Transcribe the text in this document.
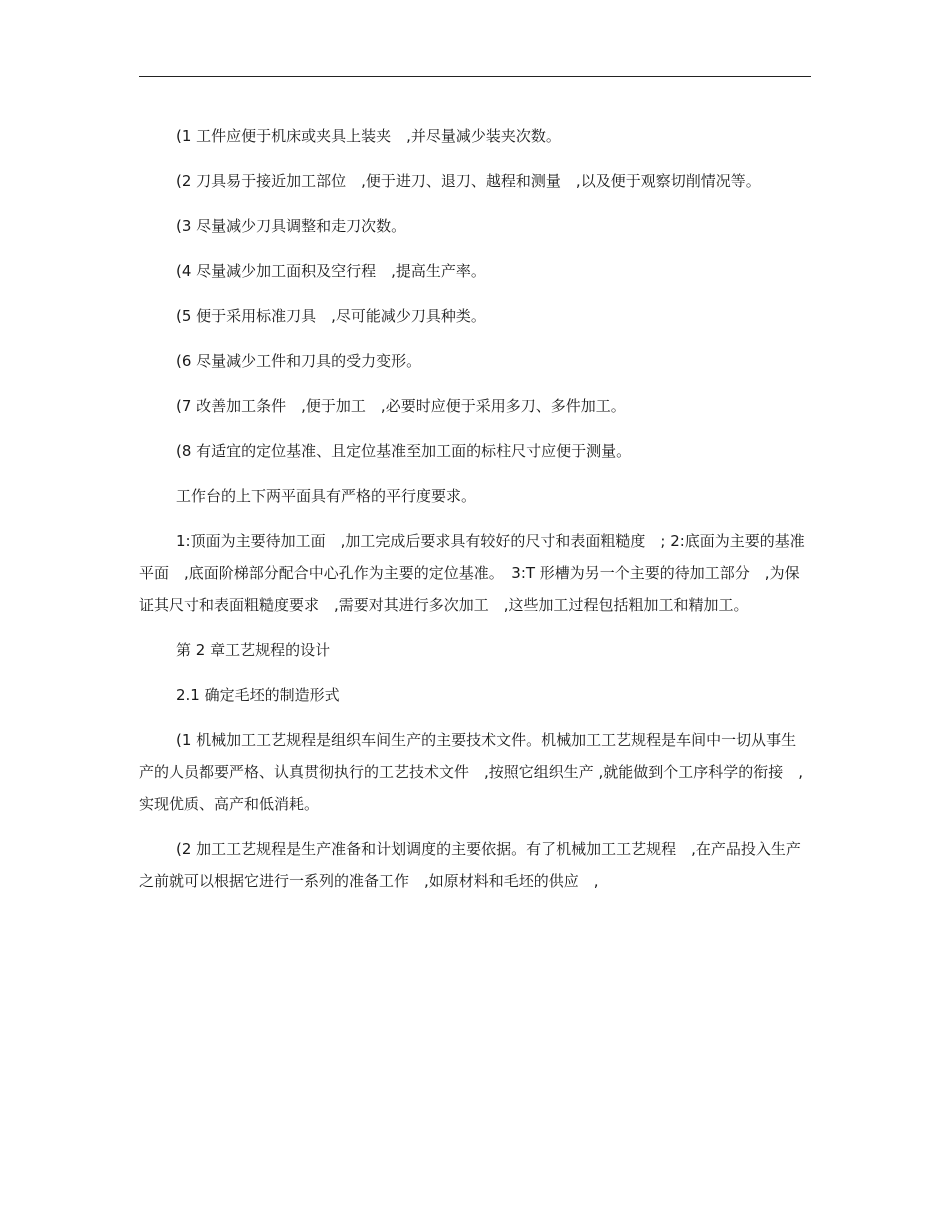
(1 工件应便于机床或夹具上装夹　,并尽量减少装夹次数。

(2 刀具易于接近加工部位　,便于进刀、退刀、越程和测量　,以及便于观察切削情况等。

(3 尽量减少刀具调整和走刀次数。

(4 尽量减少加工面积及空行程　,提高生产率。

(5 便于采用标准刀具　,尽可能减少刀具种类。

(6 尽量减少工件和刀具的受力变形。

(7 改善加工条件　,便于加工　,必要时应便于采用多刀、多件加工。

(8 有适宜的定位基准、且定位基准至加工面的标柱尺寸应便于测量。

工作台的上下两平面具有严格的平行度要求。

1:顶面为主要待加工面　,加工完成后要求具有较好的尺寸和表面粗糙度　; 2:底面为主要的基准平面　,底面阶梯部分配合中心孔作为主要的定位基准。　3:T 形槽为另一个主要的待加工部分　,为保证其尺寸和表面粗糙度要求　,需要对其进行多次加工　,这些加工过程包括粗加工和精加工。

第 2 章工艺规程的设计

2.1 确定毛坯的制造形式

(1 机械加工工艺规程是组织车间生产的主要技术文件。机械加工工艺规程是车间中一切从事生产的人员都要严格、认真贯彻执行的工艺技术文件　,按照它组织生产 ,就能做到个工序科学的衔接　,实现优质、高产和低消耗。

(2 加工工艺规程是生产准备和计划调度的主要依据。有了机械加工工艺规程　,在产品投入生产之前就可以根据它进行一系列的准备工作　,如原材料和毛坯的供应　,
